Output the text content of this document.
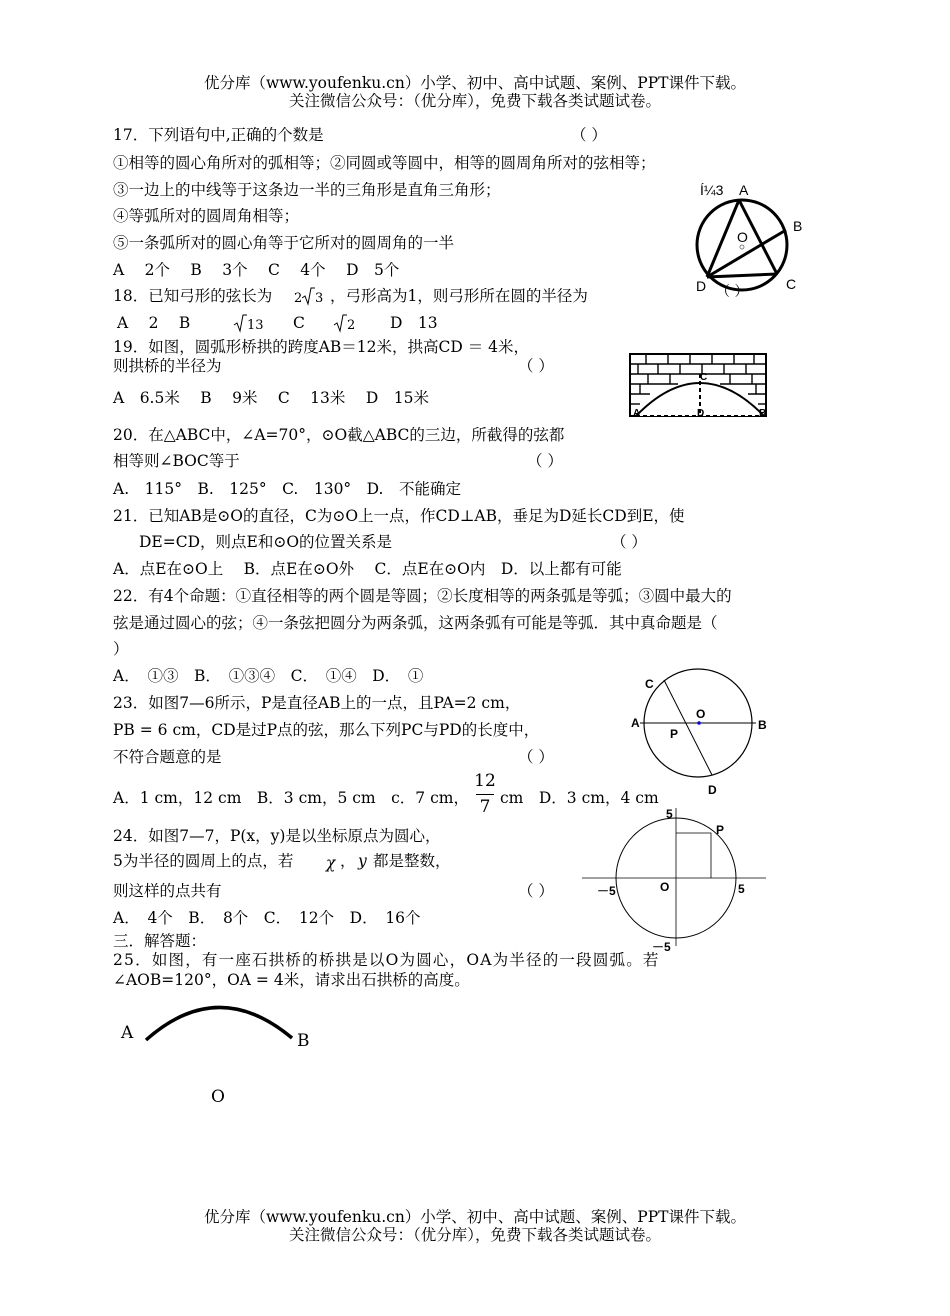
优分库（www.youfenku.cn）小学、初中、高中试题、案例、PPT课件下载。
关注微信公众号：（优分库），免费下载各类试题试卷。
17．下列语句中,正确的个数是	（ ）
①相等的圆心角所对的弧相等；②同圆或等圆中，相等的圆周角所对的弦相等；
③一边上的中线等于这条边一半的三角形是直角三角形；
④等弧所对的圆周角相等；
⑤一条弧所对的圆心角等于它所对的圆周角的一半
A　 2个　 B　 3个　 C　 4个　 D　5个
Í¼3 A
B
C
D
O
（ ）
18．已知弓形的弦长为 2 3 ，弓形高为1，则弓形所在圆的半径为
A　 2　 B	13 C	2 D　13
19．如图，圆弧形桥拱的跨度AB＝12米，拱高CD ＝ 4米，
则拱桥的半径为	（ ）
A　6.5米　 B　 9米　 C　 13米　 D　15米
C
A	D	B
20．在△ABC中，∠A=70°，⊙O截△ABC的三边，所截得的弦都
相等则∠BOC等于	（ ）
A.　115°　B.　125°　C.　130°　D.　不能确定
21．已知AB是⊙O的直径，C为⊙O上一点，作CD⊥AB，垂足为D延长CD到E，使
DE=CD，则点E和⊙O的位置关系是	（ ）
A．点E在⊙O上　 B．点E在⊙O外　 C．点E在⊙O内　D．以上都有可能
22．有4个命题：①直径相等的两个圆是等圆；②长度相等的两条弧是等弧；③圆中最大的
弦是通过圆心的弦；④一条弦把圆分为两条弧，这两条弧有可能是等弧．其中真命题是（
）
A．　①③　B．　①③④　C．　①④　D．　①
23．如图7—6所示，P是直径AB上的一点，且PA=2 cm，
PB = 6 cm，CD是过P点的弦，那么下列PC与PD的长度中，
不符合题意的是	（ ）
A．1 cm，12 cm　B．3 cm，5 cm　c．7 cm，
12
7 cm　D．3 cm，4 cm
C
A	B
O
P
D
24．如图7—7，P(x，y)是以坐标原点为圆心，
5为半径的圆周上的点，若 χ ， y 都是整数，
则这样的点共有	（ ）
A．　4个　B．　8个　C．　12个　D．　16个
5
P
－5	O	5
－5
三．解答题：
25．如图，有一座石拱桥的桥拱是以O为圆心，OA为半径的一段圆弧。若
∠AOB=120°，OA = 4米，请求出石拱桥的高度。
A	B
O
优分库（www.youfenku.cn）小学、初中、高中试题、案例、PPT课件下载。
关注微信公众号：（优分库），免费下载各类试题试卷。
